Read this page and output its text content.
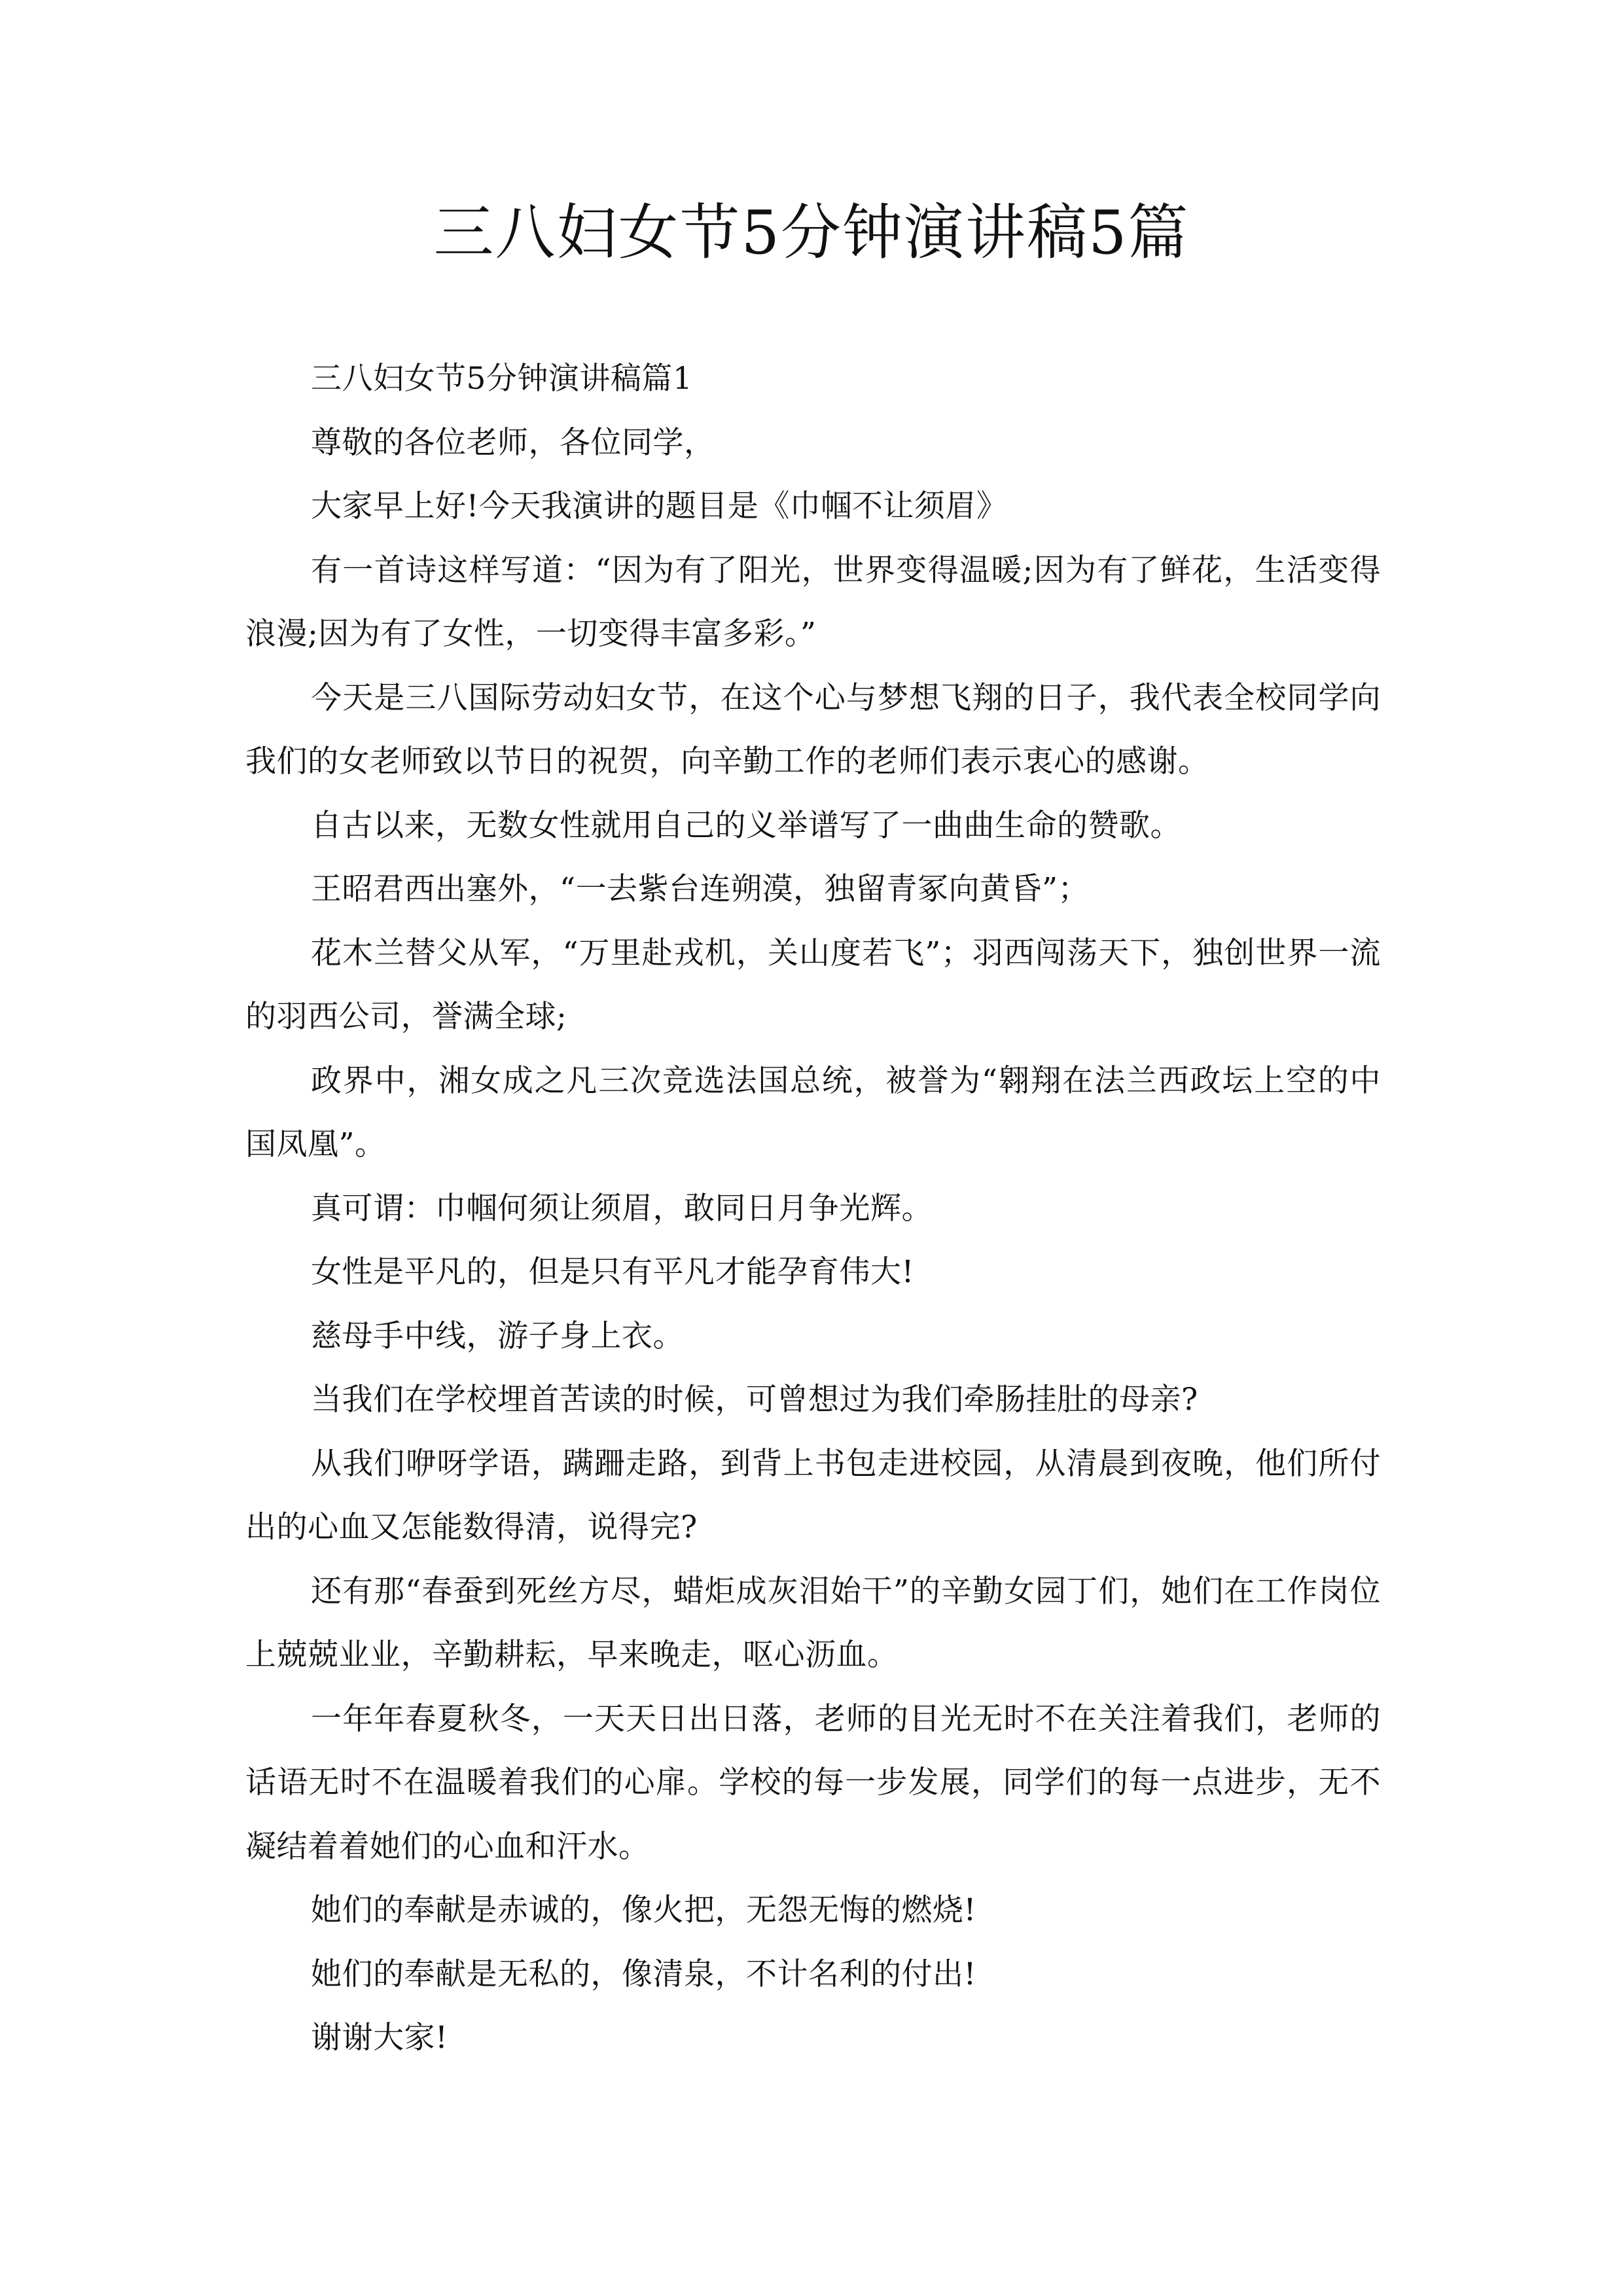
三八妇女节5分钟演讲稿5篇

三八妇女节5分钟演讲稿篇1

尊敬的各位老师，各位同学，

大家早上好!今天我演讲的题目是《巾帼不让须眉》

有一首诗这样写道：“因为有了阳光，世界变得温暖;因为有了鲜花，生活变得浪漫;因为有了女性，一切变得丰富多彩。”

今天是三八国际劳动妇女节，在这个心与梦想飞翔的日子，我代表全校同学向我们的女老师致以节日的祝贺，向辛勤工作的老师们表示衷心的感谢。

自古以来，无数女性就用自己的义举谱写了一曲曲生命的赞歌。

王昭君西出塞外，“一去紫台连朔漠，独留青冢向黄昏”；

花木兰替父从军，“万里赴戎机，关山度若飞”；羽西闯荡天下，独创世界一流的羽西公司，誉满全球;

政界中，湘女成之凡三次竞选法国总统，被誉为“翱翔在法兰西政坛上空的中国凤凰”。

真可谓：巾帼何须让须眉，敢同日月争光辉。

女性是平凡的，但是只有平凡才能孕育伟大!

慈母手中线，游子身上衣。

当我们在学校埋首苦读的时候，可曾想过为我们牵肠挂肚的母亲?

从我们咿呀学语，蹒跚走路，到背上书包走进校园，从清晨到夜晚，他们所付出的心血又怎能数得清，说得完?

还有那“春蚕到死丝方尽，蜡炬成灰泪始干”的辛勤女园丁们，她们在工作岗位上兢兢业业，辛勤耕耘，早来晚走，呕心沥血。

一年年春夏秋冬，一天天日出日落，老师的目光无时不在关注着我们，老师的话语无时不在温暖着我们的心扉。学校的每一步发展，同学们的每一点进步，无不凝结着着她们的心血和汗水。

她们的奉献是赤诚的，像火把，无怨无悔的燃烧!

她们的奉献是无私的，像清泉，不计名利的付出!

谢谢大家!
